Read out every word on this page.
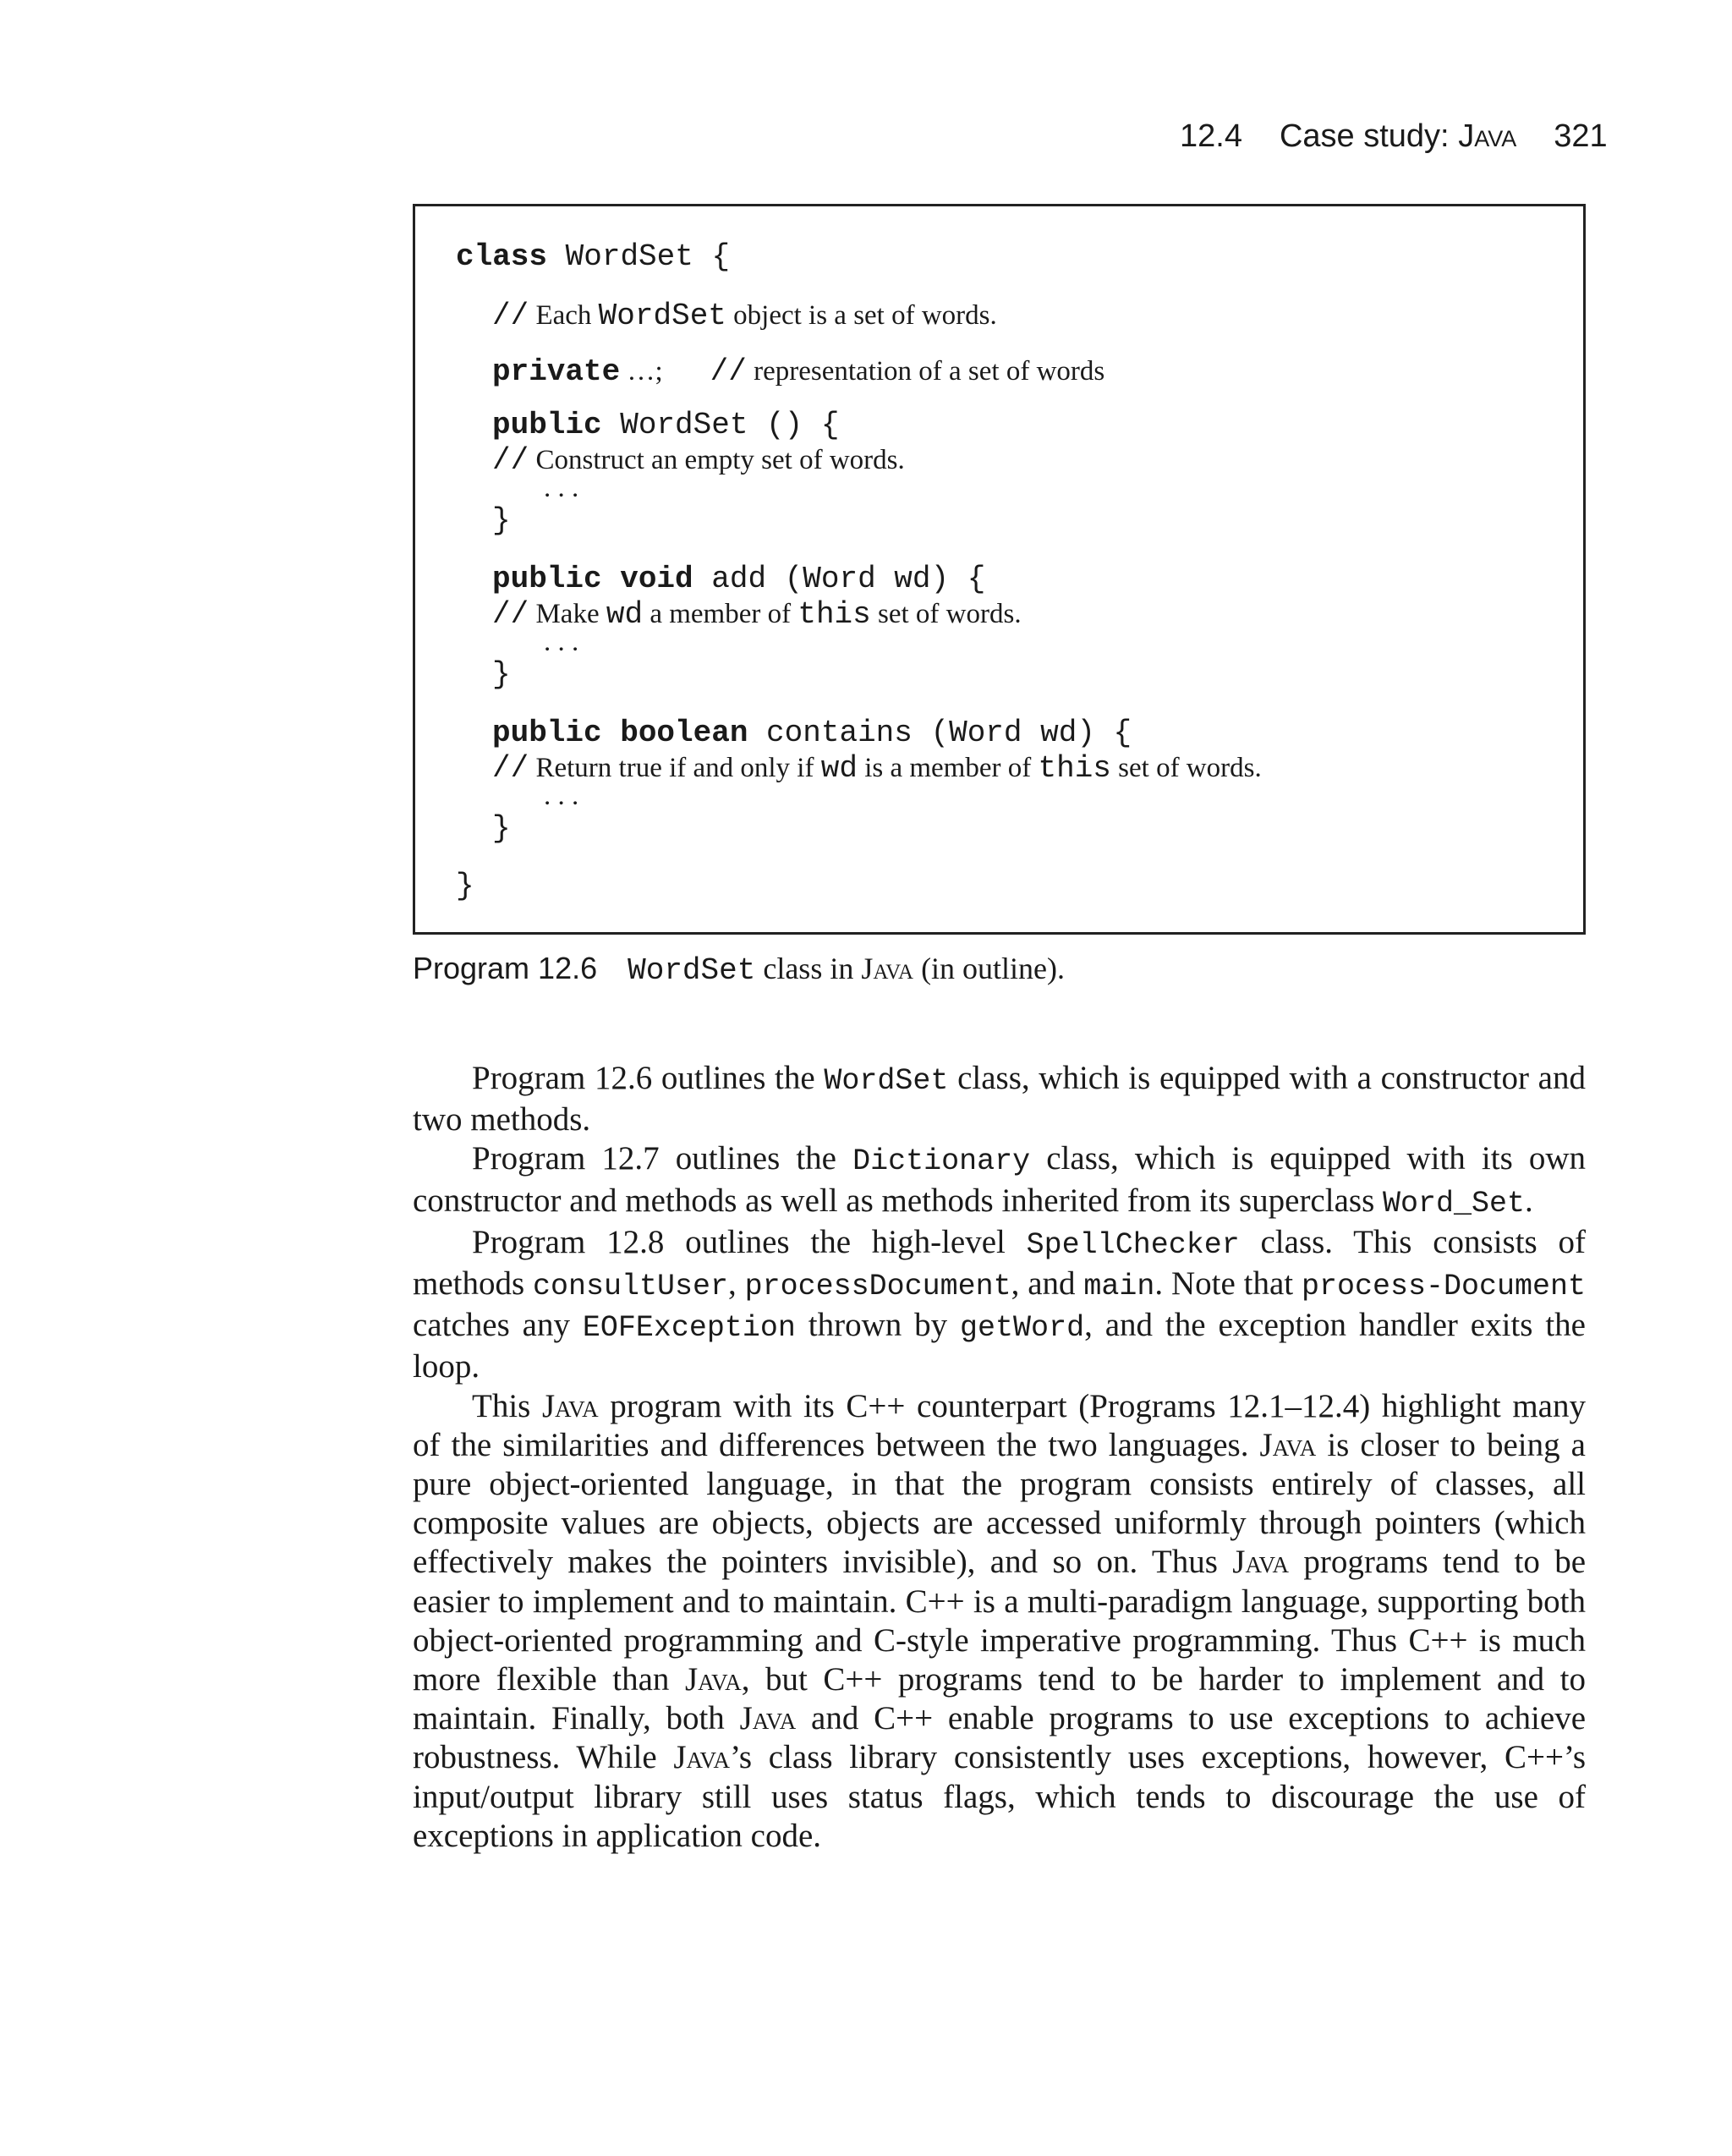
12.4 Case study: Java 321
class WordSet {
// Each WordSet object is a set of words.
private …; // representation of a set of words
public WordSet () {
// Construct an empty set of words.
. . .
}
public void add (Word wd) {
// Make wd a member of this set of words.
. . .
}
public boolean contains (Word wd) {
// Return true if and only if wd is a member of this set of words.
. . .
}
}
Program 12.6 WordSet class in Java (in outline).

Program 12.6 outlines the WordSet class, which is equipped with a constructor and two methods.

Program 12.7 outlines the Dictionary class, which is equipped with its own constructor and methods as well as methods inherited from its superclass Word_Set.

Program 12.8 outlines the high-level SpellChecker class. This consists of methods consultUser, processDocument, and main. Note that process-Document catches any EOFException thrown by getWord, and the exception handler exits the loop.

This Java program with its C++ counterpart (Programs 12.1–12.4) highlight many of the similarities and differences between the two languages. Java is closer to being a pure object-oriented language, in that the program consists entirely of classes, all composite values are objects, objects are accessed uniformly through pointers (which effectively makes the pointers invisible), and so on. Thus Java programs tend to be easier to implement and to maintain. C++ is a multi-paradigm language, supporting both object-oriented programming and C-style imperative programming. Thus C++ is much more flexible than Java, but C++ programs tend to be harder to implement and to maintain. Finally, both Java and C++ enable programs to use exceptions to achieve robustness. While Java’s class library consistently uses exceptions, however, C++’s input/output library still uses status flags, which tends to discourage the use of exceptions in application code.
